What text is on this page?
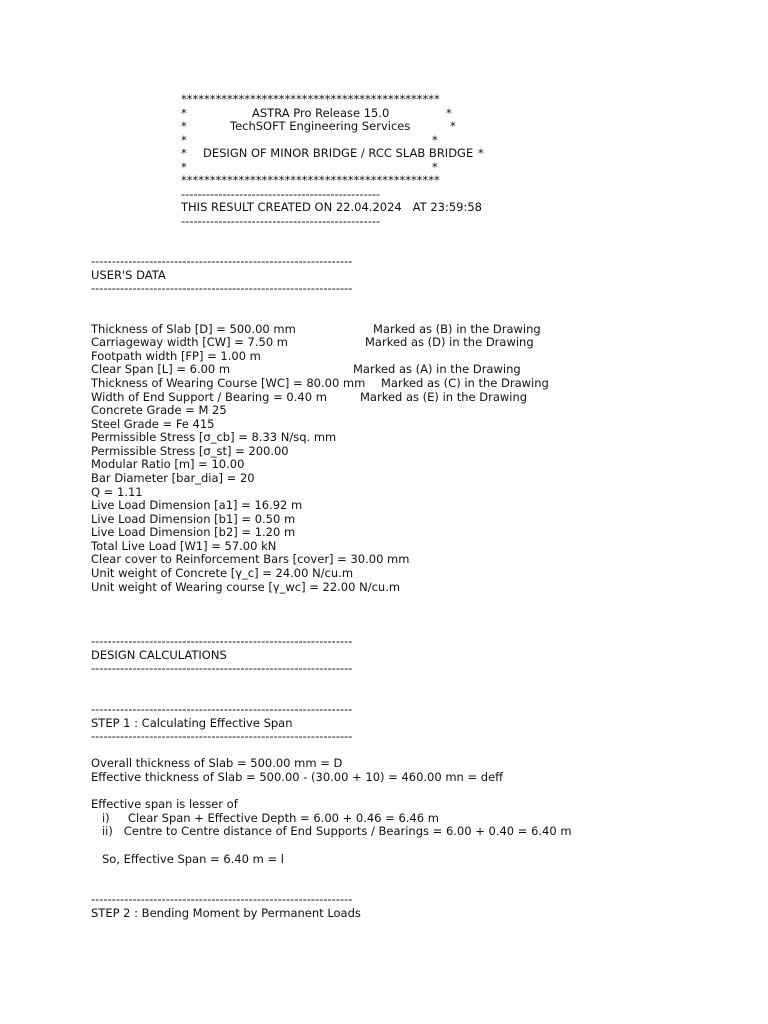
*********************************************
*	ASTRA Pro Release 15.0	*
*	TechSOFT Engineering Services	*
*	*
* DESIGN OF MINOR BRIDGE / RCC SLAB BRIDGE *
*	*
*********************************************
------------------------------------------------
THIS RESULT CREATED ON 22.04.2024   AT 23:59:58
------------------------------------------------
---------------------------------------------------------------
USER'S DATA
---------------------------------------------------------------
Thickness of Slab [D] = 500.00 mm	Marked as (B) in the Drawing
Carriageway width [CW] = 7.50 m	Marked as (D) in the Drawing
Footpath width [FP] = 1.00 m
Clear Span [L] = 6.00 m	Marked as (A) in the Drawing
Thickness of Wearing Course [WC] = 80.00 mm Marked as (C) in the Drawing
Width of End Support / Bearing = 0.40 m	Marked as (E) in the Drawing
Concrete Grade = M 25
Steel Grade = Fe 415
Permissible Stress [σ_cb] = 8.33 N/sq. mm
Permissible Stress [σ_st] = 200.00
Modular Ratio [m] = 10.00
Bar Diameter [bar_dia] = 20
Q = 1.11
Live Load Dimension [a1] = 16.92 m
Live Load Dimension [b1] = 0.50 m
Live Load Dimension [b2] = 1.20 m
Total Live Load [W1] = 57.00 kN
Clear cover to Reinforcement Bars [cover] = 30.00 mm
Unit weight of Concrete [γ_c] = 24.00 N/cu.m
Unit weight of Wearing course [γ_wc] = 22.00 N/cu.m
---------------------------------------------------------------
DESIGN CALCULATIONS
---------------------------------------------------------------
---------------------------------------------------------------
STEP 1 : Calculating Effective Span
---------------------------------------------------------------
Overall thickness of Slab = 500.00 mm = D
Effective thickness of Slab = 500.00 - (30.00 + 10) = 460.00 mn = deff
Effective span is lesser of
i)     Clear Span + Effective Depth = 6.00 + 0.46 = 6.46 m
ii)   Centre to Centre distance of End Supports / Bearings = 6.00 + 0.40 = 6.40 m
So, Effective Span = 6.40 m = l
---------------------------------------------------------------
STEP 2 : Bending Moment by Permanent Loads
